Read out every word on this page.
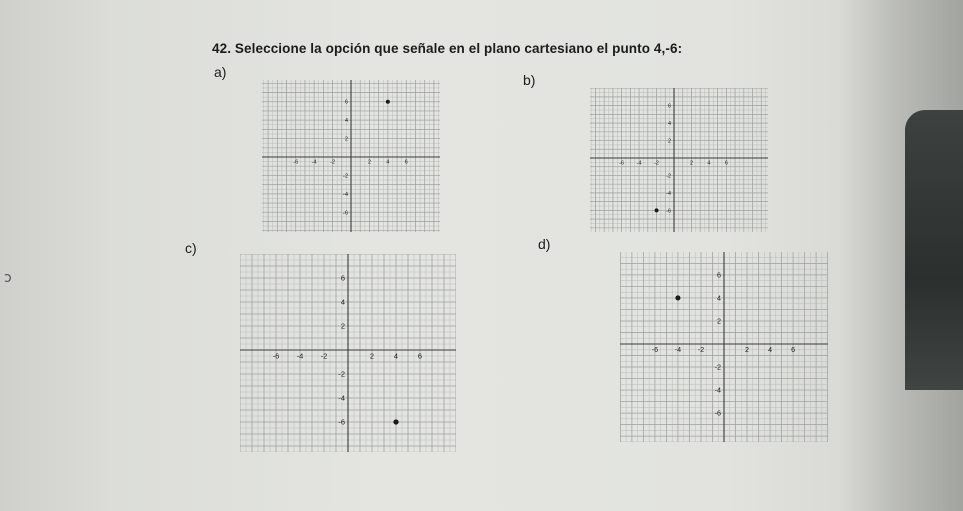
42. Seleccione la opción que señale en el plano cartesiano el punto 4,-6:
a)	b)
c)	d)
-6 -4 -2	2	4	6
6
4
2
-2
-4
-6
-6 -4 -2	2	4	6
6
4
2
-2
-4
-6
-6 -4 -2	2	4	6
6
4
2
-2
-4
-6
-6 -4 -2	2	4	6
6
4
2
-2
-4
-6
ɔ
